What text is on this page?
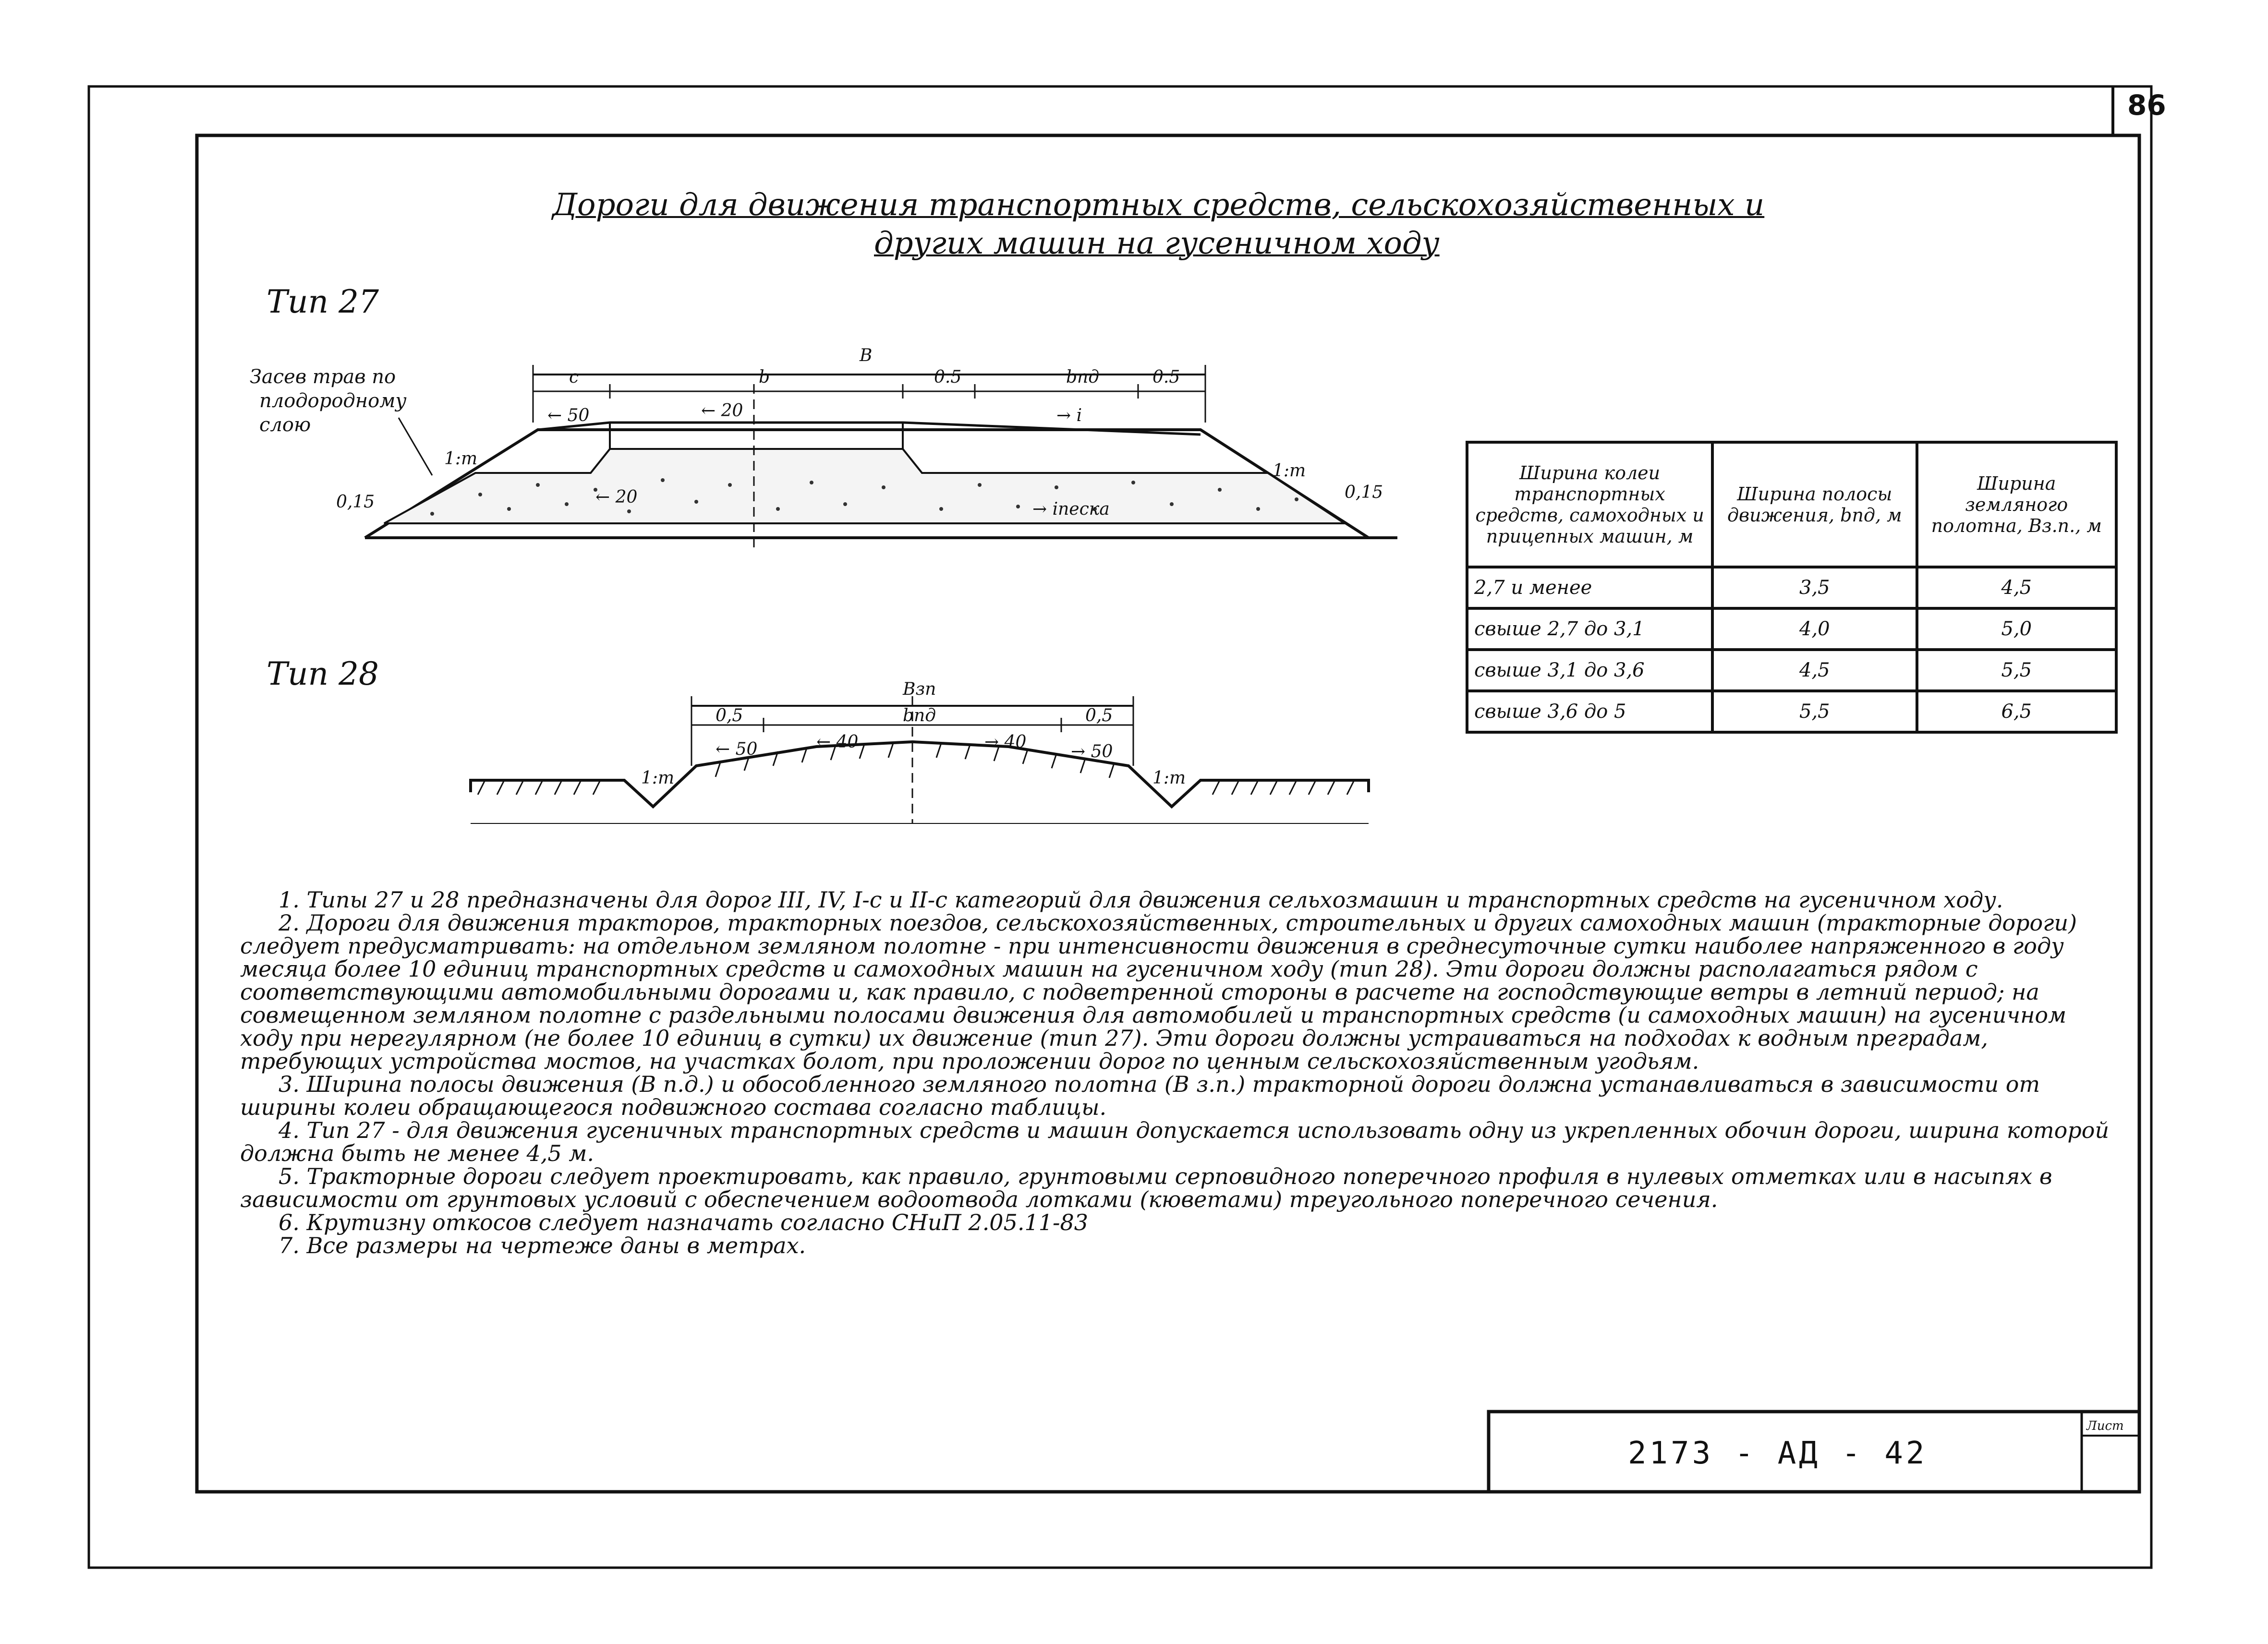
86
Дороги для движения транспортных средств, сельскохозяйственных и
других машин на гусеничном ходу
Тип 27
Засев трав по
плодородному
слою
B
c	b	0.5	bпд	0.5
← 50	← 20	→ i
← 20
→ iпеска
1:m
1:m
0,15	0,15
Тип 28	Bзп
bпд
0,5	0,5
← 50	← 40	→ 40	→ 50
1:m	1:m
Ширина колеи транспортных средств, самоходных и прицепных машин, м	Ширина полосы движения, bпд, м	Ширина земляного полотна, Bз.п., м
2,7 и менее	3,5	4,5
свыше 2,7 до 3,1	4,0	5,0
свыше 3,1 до 3,6	4,5	5,5
свыше 3,6 до 5	5,5	6,5

1. Типы 27 и 28 предназначены для дорог III, IV, I-с и II-с категорий для движения сельхозмашин и транспортных средств на гусеничном ходу.

2. Дороги для движения тракторов, тракторных поездов, сельскохозяйственных, строительных и других самоходных машин (тракторные дороги) следует предусматривать: на отдельном земляном полотне - при интенсивности движения в среднесуточные сутки наиболее напряженного в году месяца более 10 единиц транспортных средств и самоходных машин на гусеничном ходу (тип 28). Эти дороги должны располагаться рядом с соответствующими автомобильными дорогами и, как правило, с подветренной стороны в расчете на господствующие ветры в летний период; на совмещенном земляном полотне с раздельными полосами движения для автомобилей и транспортных средств (и самоходных машин) на гусеничном ходу при нерегулярном (не более 10 единиц в сутки) их движение (тип 27). Эти дороги должны устраиваться на подходах к водным преградам, требующих устройства мостов, на участках болот, при проложении дорог по ценным сельскохозяйственным угодьям.

3. Ширина полосы движения (B п.д.) и обособленного земляного полотна (B з.п.) тракторной дороги должна устанавливаться в зависимости от ширины колеи обращающегося подвижного состава согласно таблицы.

4. Тип 27 - для движения гусеничных транспортных средств и машин допускается использовать одну из укрепленных обочин дороги, ширина которой должна быть не менее 4,5 м.

5. Тракторные дороги следует проектировать, как правило, грунтовыми серповидного поперечного профиля в нулевых отметках или в насыпях в зависимости от грунтовых условий с обеспечением водоотвода лотками (кюветами) треугольного поперечного сечения.

6. Крутизну откосов следует назначать согласно СНиП 2.05.11-83

7. Все размеры на чертеже даны в метрах.

2173 - АД - 42
Лист
